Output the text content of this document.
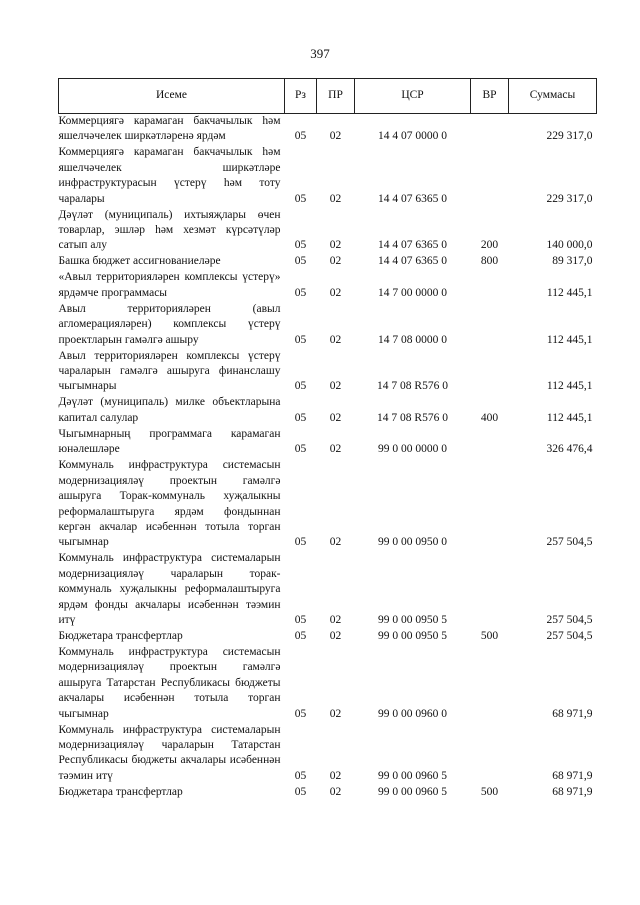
397
Исеме	Рз	ПР	ЦСР	ВР	Суммасы
Коммерциягә карамаган бакчачылык һәм яшелчәчелек ширкәтләренә ярдәм	05	02	14 4 07 0000 0		229 317,0
Коммерциягә карамаган бакчачылык һәм яшелчәчелек ширкәтләре инфраструктурасын үстерү һәм тоту чаралары	05	02	14 4 07 6365 0		229 317,0
Дәүләт (муниципаль) ихтыяҗлары өчен товарлар, эшләр һәм хезмәт күрсәтүләр сатып алу	05	02	14 4 07 6365 0	200	140 000,0
Башка бюджет ассигнованиеләре	05	02	14 4 07 6365 0	800	89 317,0
«Авыл территорияләрен комплексы үстерү» ярдәмче программасы	05	02	14 7 00 0000 0		112 445,1
Авыл территорияләрен (авыл агломерацияләрен) комплексы үстерү проектларын гамәлгә ашыру	05	02	14 7 08 0000 0		112 445,1
Авыл территорияләрен комплексы үстерү чараларын гамәлгә ашыруга финанслашу чыгымнары	05	02	14 7 08 R576 0		112 445,1
Дәүләт (муниципаль) милке объектларына капитал салулар	05	02	14 7 08 R576 0	400	112 445,1
Чыгымнарның программага карамаган юнәлешләре	05	02	99 0 00 0000 0		326 476,4
Коммуналь инфраструктура системасын модернизацияләү проектын гамәлгә ашыруга Торак-коммуналь хуҗалыкны реформалаштыруга ярдәм фондыннан кергән акчалар исәбеннән тотыла торган чыгымнар	05	02	99 0 00 0950 0		257 504,5
Коммуналь инфраструктура системаларын модернизацияләү чараларын торак-коммуналь хуҗалыкны реформалаштыруга ярдәм фонды акчалары исәбеннән тәэмин итү	05	02	99 0 00 0950 5		257 504,5
Бюджетара трансфертлар	05	02	99 0 00 0950 5	500	257 504,5
Коммуналь инфраструктура системасын модернизацияләү проектын гамәлгә ашыруга Татарстан Республикасы бюджеты акчалары исәбеннән тотыла торган чыгымнар	05	02	99 0 00 0960 0		68 971,9
Коммуналь инфраструктура системаларын модернизацияләү чараларын Татарстан Республикасы бюджеты акчалары исәбеннән тәэмин итү	05	02	99 0 00 0960 5		68 971,9
Бюджетара трансфертлар	05	02	99 0 00 0960 5	500	68 971,9
